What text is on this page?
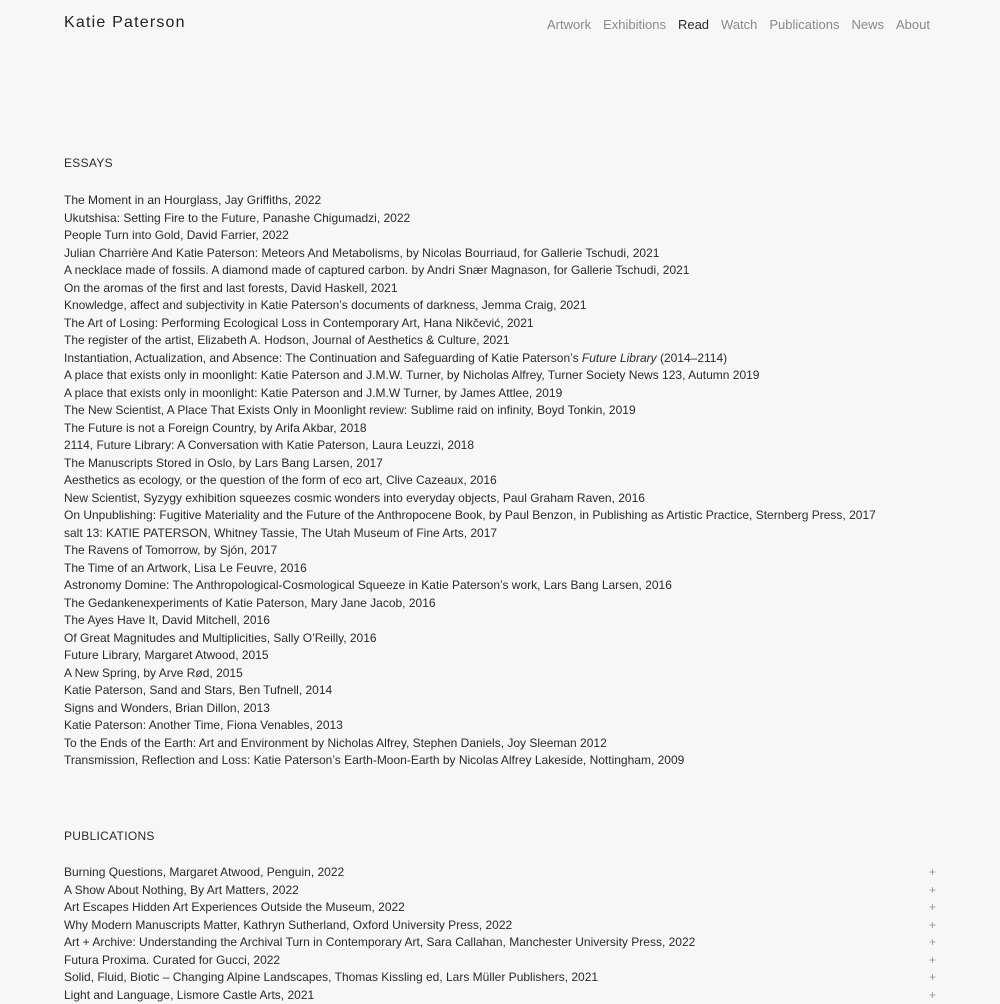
Katie Paterson	Artwork Exhibitions Read Watch Publications News About
ESSAYS
The Moment in an Hourglass, Jay Griffiths, 2022
Ukutshisa: Setting Fire to the Future, Panashe Chigumadzi, 2022
People Turn into Gold, David Farrier, 2022
Julian Charrière And Katie Paterson: Meteors And Metabolisms, by Nicolas Bourriaud, for Gallerie Tschudi, 2021
A necklace made of fossils. A diamond made of captured carbon. by Andri Snær Magnason, for Gallerie Tschudi, 2021
On the aromas of the first and last forests, David Haskell, 2021
Knowledge, affect and subjectivity in Katie Paterson’s documents of darkness, Jemma Craig, 2021
The Art of Losing: Performing Ecological Loss in Contemporary Art, Hana Nikčević, 2021
The register of the artist, Elizabeth A. Hodson, Journal of Aesthetics & Culture, 2021
Instantiation, Actualization, and Absence: The Continuation and Safeguarding of Katie Paterson’s Future Library (2014–2114)
A place that exists only in moonlight: Katie Paterson and J.M.W. Turner, by Nicholas Alfrey, Turner Society News 123, Autumn 2019
A place that exists only in moonlight: Katie Paterson and J.M.W Turner, by James Attlee, 2019
The New Scientist, A Place That Exists Only in Moonlight review: Sublime raid on infinity, Boyd Tonkin, 2019
The Future is not a Foreign Country, by Arifa Akbar, 2018
2114, Future Library: A Conversation with Katie Paterson, Laura Leuzzi, 2018
The Manuscripts Stored in Oslo, by Lars Bang Larsen, 2017
Aesthetics as ecology, or the question of the form of eco art, Clive Cazeaux, 2016
New Scientist, Syzygy exhibition squeezes cosmic wonders into everyday objects, Paul Graham Raven, 2016
On Unpublishing: Fugitive Materiality and the Future of the Anthropocene Book, by Paul Benzon, in Publishing as Artistic Practice, Sternberg Press, 2017
salt 13: KATIE PATERSON, Whitney Tassie, The Utah Museum of Fine Arts, 2017
The Ravens of Tomorrow, by Sjón, 2017
The Time of an Artwork, Lisa Le Feuvre, 2016
Astronomy Domine: The Anthropological-Cosmological Squeeze in Katie Paterson’s work, Lars Bang Larsen, 2016
The Gedankenexperiments of Katie Paterson, Mary Jane Jacob, 2016
The Ayes Have It, David Mitchell, 2016
Of Great Magnitudes and Multiplicities, Sally O’Reilly, 2016
Future Library, Margaret Atwood, 2015
A New Spring, by Arve Rød, 2015
Katie Paterson, Sand and Stars, Ben Tufnell, 2014
Signs and Wonders, Brian Dillon, 2013
Katie Paterson: Another Time, Fiona Venables, 2013
To the Ends of the Earth: Art and Environment by Nicholas Alfrey, Stephen Daniels, Joy Sleeman 2012
Transmission, Reflection and Loss: Katie Paterson’s Earth-Moon-Earth by Nicolas Alfrey Lakeside, Nottingham, 2009
PUBLICATIONS
Burning Questions, Margaret Atwood, Penguin, 2022	+
A Show About Nothing, By Art Matters, 2022	+
Art Escapes Hidden Art Experiences Outside the Museum, 2022	+
Why Modern Manuscripts Matter, Kathryn Sutherland, Oxford University Press, 2022	+
Art + Archive: Understanding the Archival Turn in Contemporary Art, Sara Callahan, Manchester University Press, 2022	+
Futura Proxima. Curated for Gucci, 2022	+
Solid, Fluid, Biotic – Changing Alpine Landscapes, Thomas Kissling ed, Lars Müller Publishers, 2021	+
Light and Language, Lismore Castle Arts, 2021	+
